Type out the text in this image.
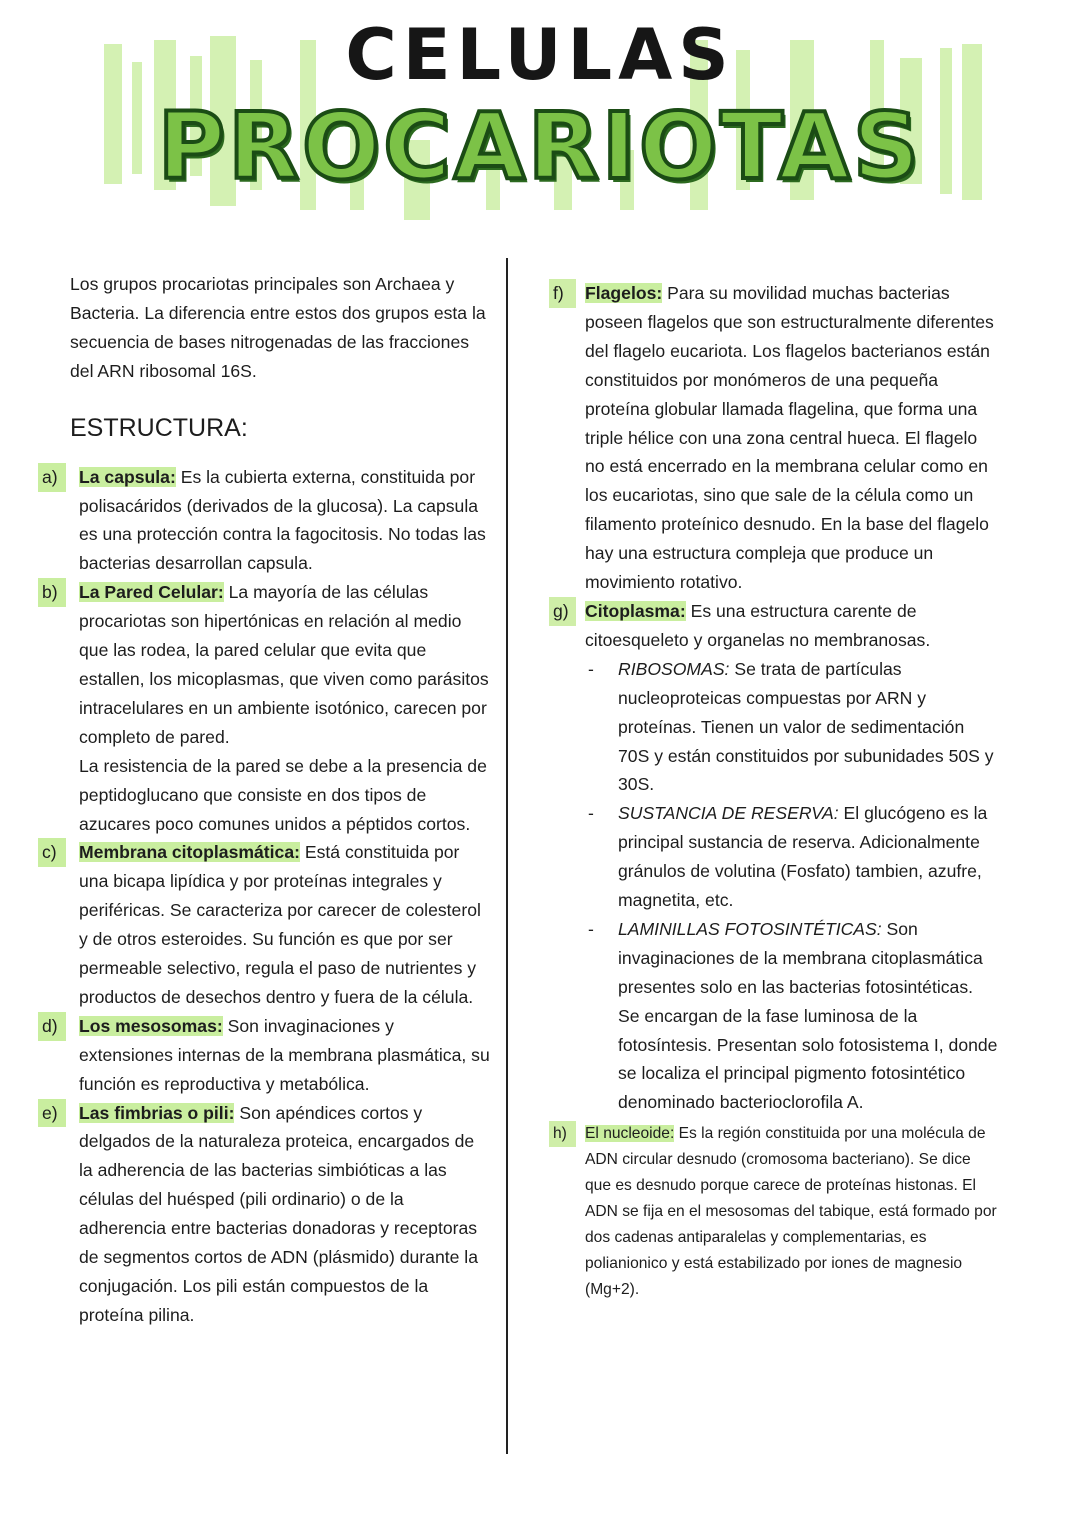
CELULAS
PROCARIOTAS

Los grupos procariotas principales son Archaea y Bacteria. La diferencia entre estos dos grupos esta la secuencia de bases nitrogenadas de las fracciones del ARN ribosomal 16S.

ESTRUCTURA:
a)	La capsula: Es la cubierta externa, constituida por polisacáridos (derivados de la glucosa). La capsula es una protección contra la fagocitosis. No todas las bacterias desarrollan capsula.
b)	La Pared Celular: La mayoría de las células procariotas son hipertónicas en relación al medio que las rodea, la pared celular que evita que estallen, los micoplasmas, que viven como parásitos intracelulares en un ambiente isotónico, carecen por completo de pared.
La resistencia de la pared se debe a la presencia de peptidoglucano que consiste en dos tipos de azucares poco comunes unidos a péptidos cortos.
c)	Membrana citoplasmática: Está constituida por una bicapa lipídica y por proteínas integrales y periféricas. Se caracteriza por carecer de colesterol y de otros esteroides. Su función es que por ser permeable selectivo, regula el paso de nutrientes y productos de desechos dentro y fuera de la célula.
d)	Los mesosomas: Son invaginaciones y extensiones internas de la membrana plasmática, su función es reproductiva y metabólica.
e)	Las fimbrias o pili: Son apéndices cortos y delgados de la naturaleza proteica, encargados de la adherencia de las bacterias simbióticas a las células del huésped (pili ordinario) o de la adherencia entre bacterias donadoras y receptoras de segmentos cortos de ADN (plásmido) durante la conjugación. Los pili están compuestos de la proteína pilina.
f)	Flagelos: Para su movilidad muchas bacterias poseen flagelos que son estructuralmente diferentes del flagelo eucariota. Los flagelos bacterianos están constituidos por monómeros de una pequeña proteína globular llamada flagelina, que forma una triple hélice con una zona central hueca. El flagelo no está encerrado en la membrana celular como en los eucariotas, sino que sale de la célula como un filamento proteínico desnudo. En la base del flagelo hay una estructura compleja que produce un movimiento rotativo.
g) Citoplasma: Es una estructura carente de citoesqueleto y organelas no membranosas.
- RIBOSOMAS: Se trata de partículas nucleoproteicas compuestas por ARN y proteínas. Tienen un valor de sedimentación 70S y están constituidos por subunidades 50S y 30S.
- SUSTANCIA DE RESERVA: El glucógeno es la principal sustancia de reserva. Adicionalmente gránulos de volutina (Fosfato) tambien, azufre, magnetita, etc.
- LAMINILLAS FOTOSINTÉTICAS: Son invaginaciones de la membrana citoplasmática presentes solo en las bacterias fotosintéticas. Se encargan de la fase luminosa de la fotosíntesis. Presentan solo fotosistema I, donde se localiza el principal pigmento fotosintético denominado bacterioclorofila A.
h)	El nucleoide: Es la región constituida por una molécula de ADN circular desnudo (cromosoma bacteriano). Se dice que es desnudo porque carece de proteínas histonas. El ADN se fija en el mesosomas del tabique, está formado por dos cadenas antiparalelas y complementarias, es polianionico y está estabilizado por iones de magnesio (Mg+2).
